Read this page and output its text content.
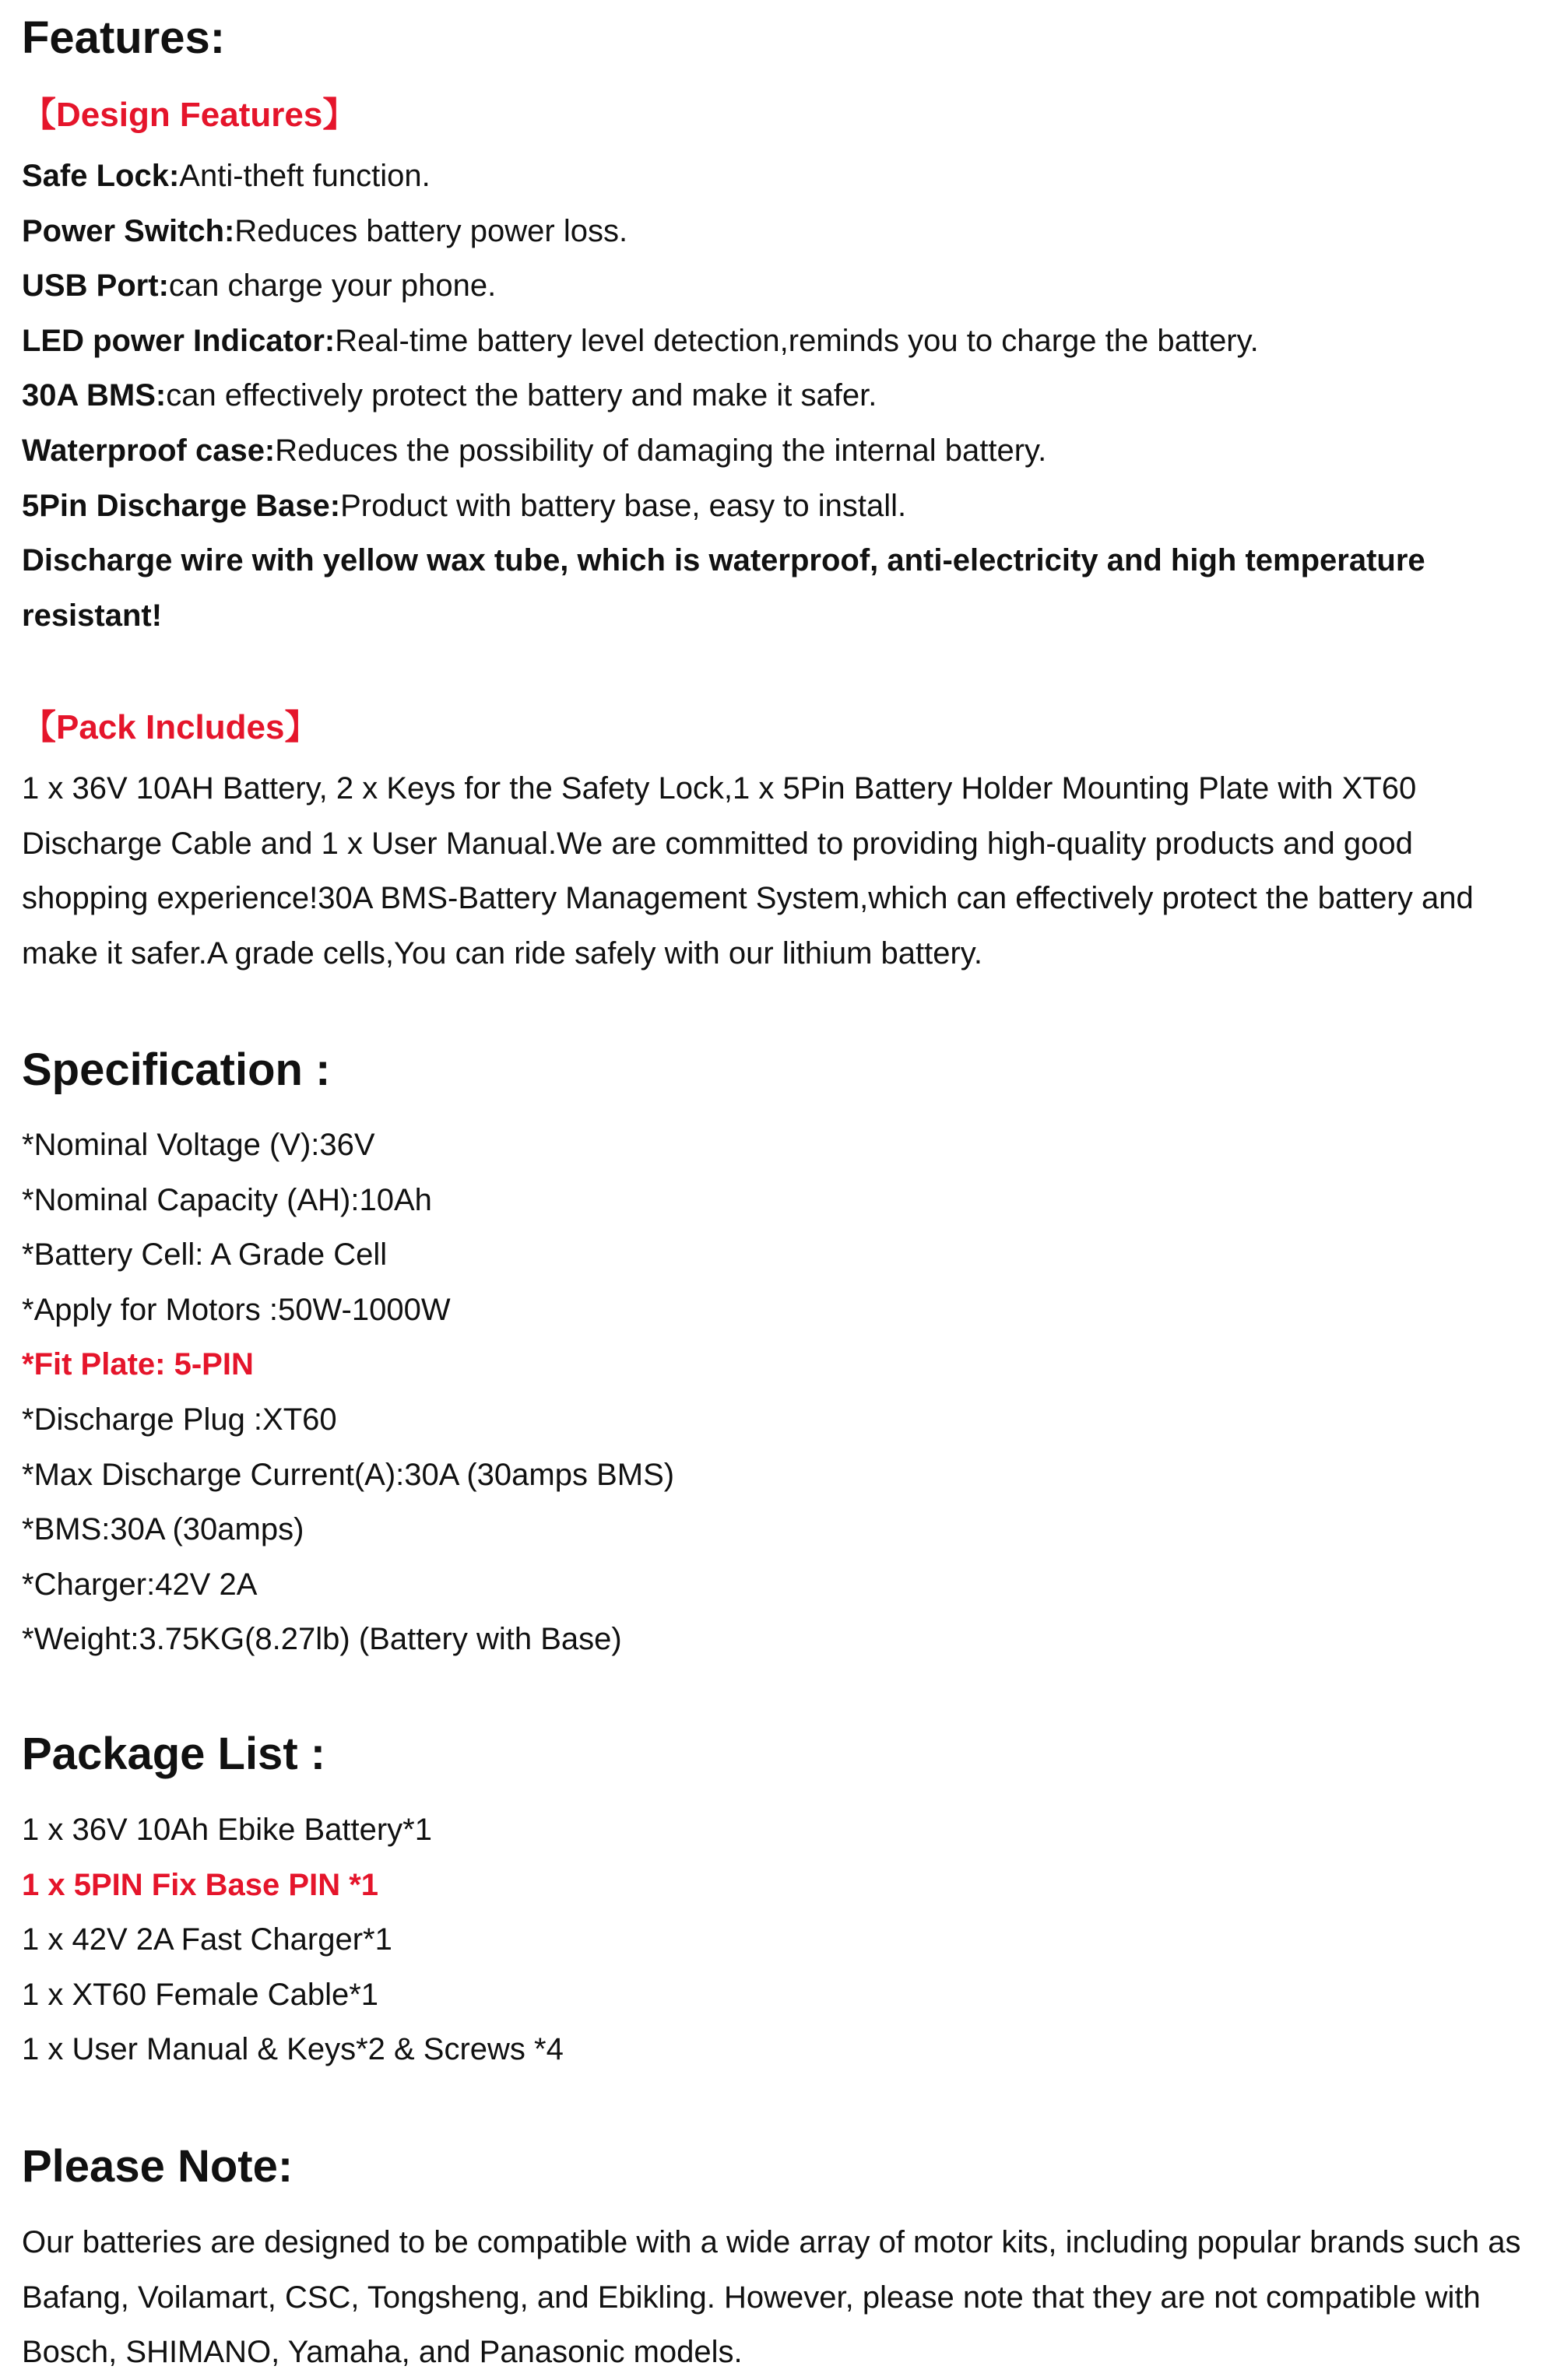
Features:
【Design Features】

Safe Lock:Anti-theft function.

Power Switch:Reduces battery power loss.

USB Port:can charge your phone.

LED power Indicator:Real-time battery level detection,reminds you to charge the battery.

30A BMS:can effectively protect the battery and make it safer.

Waterproof case:Reduces the possibility of damaging the internal battery.

5Pin Discharge Base:Product with battery base, easy to install.

Discharge wire with yellow wax tube, which is waterproof, anti-electricity and high temperature resistant!

【Pack Includes】

1 x 36V 10AH Battery, 2 x Keys for the Safety Lock,1 x 5Pin Battery Holder Mounting Plate with XT60 Discharge Cable and 1 x User Manual.We are committed to providing high-quality products and good shopping experience!30A BMS-Battery Management System,which can effectively protect the battery and make it safer.A grade cells,You can ride safely with our lithium battery.

Specification :

*Nominal Voltage (V):36V

*Nominal Capacity (AH):10Ah

*Battery Cell: A Grade Cell

*Apply for Motors :50W-1000W

*Fit Plate: 5-PIN

*Discharge Plug :XT60

*Max Discharge Current(A):30A (30amps BMS)

*BMS:30A (30amps)

*Charger:42V 2A

*Weight:3.75KG(8.27lb) (Battery with Base)

Package List :

1 x 36V 10Ah Ebike Battery*1

1 x 5PIN Fix Base PIN *1

1 x 42V 2A Fast Charger*1

1 x XT60 Female Cable*1

1 x User Manual & Keys*2 & Screws *4

Please Note:

Our batteries are designed to be compatible with a wide array of motor kits, including popular brands such as Bafang, Voilamart, CSC, Tongsheng, and Ebikling. However, please note that they are not compatible with Bosch, SHIMANO, Yamaha, and Panasonic models.
